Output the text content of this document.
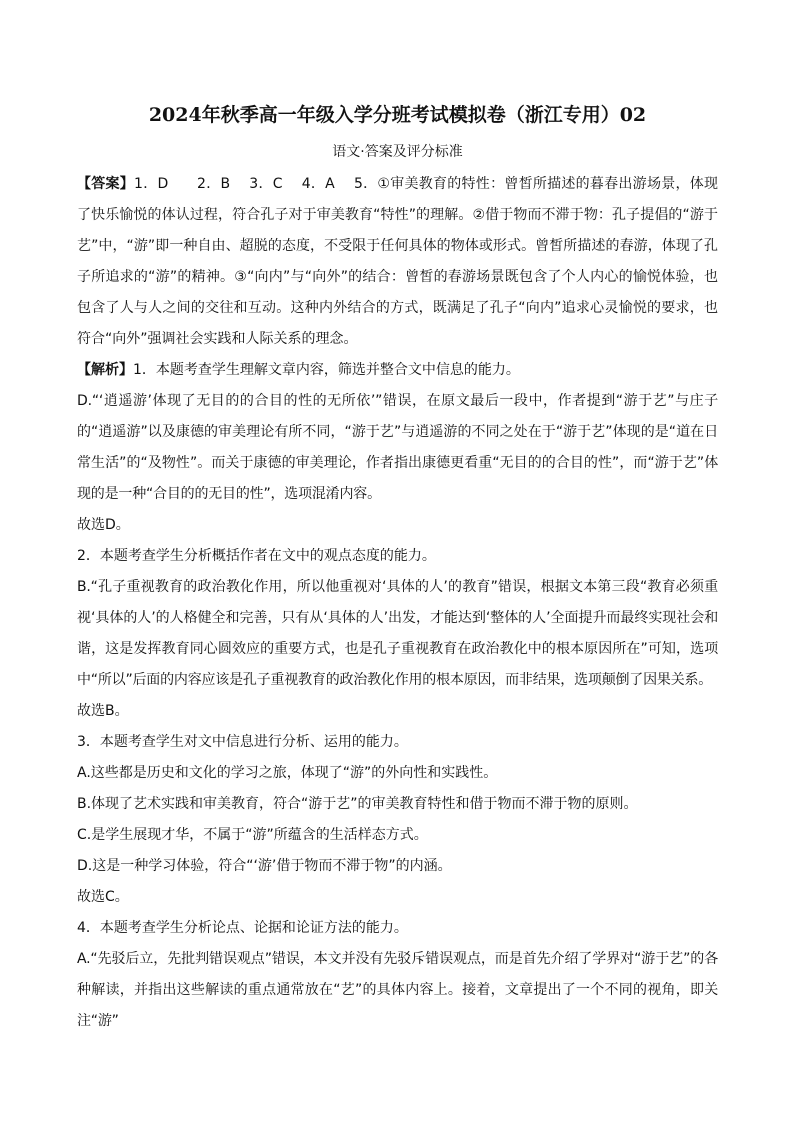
2024年秋季高一年级入学分班考试模拟卷（浙江专用）02
语文·答案及评分标准

【答案】1．D　　2．B　 3．C　 4．A　 5．①审美教育的特性：曾皙所描述的暮春出游场景，体现了快乐愉悦的体认过程，符合孔子对于审美教育“特性”的理解。②借于物而不滞于物：孔子提倡的“游于艺”中，“游”即一种自由、超脱的态度，不受限于任何具体的物体或形式。曾皙所描述的春游，体现了孔子所追求的“游”的精神。③“向内”与“向外”的结合：曾皙的春游场景既包含了个人内心的愉悦体验，也包含了人与人之间的交往和互动。这种内外结合的方式，既满足了孔子“向内”追求心灵愉悦的要求，也符合“向外”强调社会实践和人际关系的理念。

【解析】1．本题考查学生理解文章内容，筛选并整合文中信息的能力。

D.“‘逍遥游’体现了无目的的合目的性的无所依’”错误，在原文最后一段中，作者提到“游于艺”与庄子的“逍遥游”以及康德的审美理论有所不同，“游于艺”与逍遥游的不同之处在于“游于艺”体现的是“道在日常生活”的“及物性”。而关于康德的审美理论，作者指出康德更看重“无目的的合目的性”，而“游于艺”体现的是一种“合目的的无目的性”，选项混淆内容。

故选D。

2．本题考查学生分析概括作者在文中的观点态度的能力。

B.“孔子重视教育的政治教化作用，所以他重视对‘具体的人’的教育”错误，根据文本第三段“教育必须重视‘具体的人’的人格健全和完善，只有从‘具体的人’出发，才能达到‘整体的人’全面提升而最终实现社会和谐，这是发挥教育同心圆效应的重要方式，也是孔子重视教育在政治教化中的根本原因所在”可知，选项中“所以”后面的内容应该是孔子重视教育的政治教化作用的根本原因，而非结果，选项颠倒了因果关系。

故选B。

3．本题考查学生对文中信息进行分析、运用的能力。

A.这些都是历史和文化的学习之旅，体现了“游”的外向性和实践性。

B.体现了艺术实践和审美教育，符合“游于艺”的审美教育特性和借于物而不滞于物的原则。

C.是学生展现才华，不属于“游”所蕴含的生活样态方式。

D.这是一种学习体验，符合“‘游’借于物而不滞于物”的内涵。

故选C。

4．本题考查学生分析论点、论据和论证方法的能力。

A.“先驳后立，先批判错误观点”错误，本文并没有先驳斥错误观点，而是首先介绍了学界对“游于艺”的各种解读，并指出这些解读的重点通常放在“艺”的具体内容上。接着，文章提出了一个不同的视角，即关注“游”
